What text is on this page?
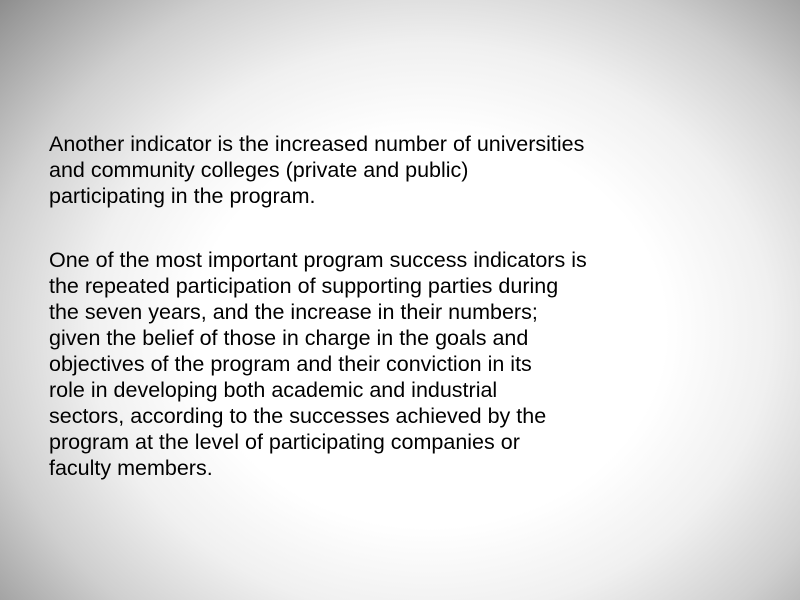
Another indicator is the increased number of universities
and community colleges (private and public)
participating in the program.

One of the most important program success indicators is
the repeated participation of supporting parties during
the seven years, and the increase in their numbers;
given the belief of those in charge in the goals and
objectives of the program and their conviction in its
role in developing both academic and industrial
sectors, according to the successes achieved by the
program at the level of participating companies or
faculty members.
